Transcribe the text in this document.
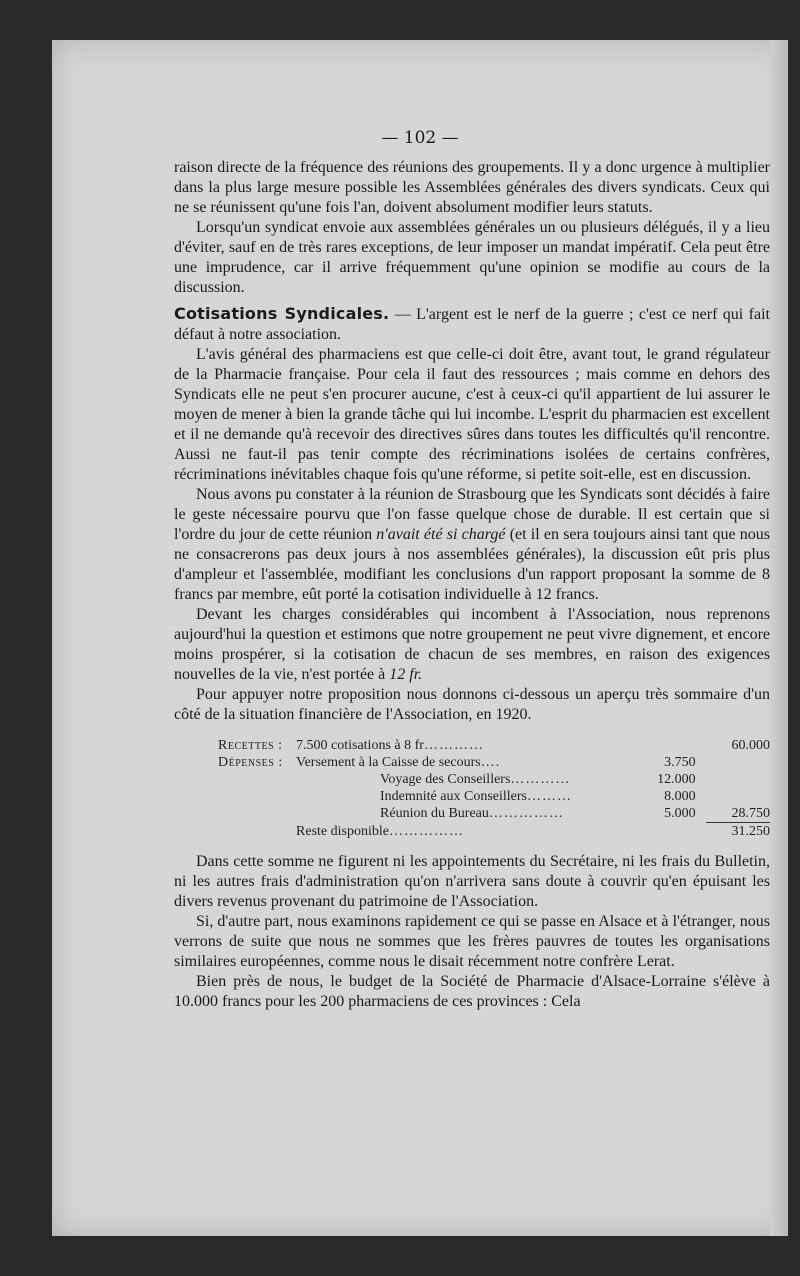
— 102 —

raison directe de la fréquence des réunions des groupements. Il y a donc urgence à multiplier dans la plus large mesure possible les Assemblées générales des divers syndicats. Ceux qui ne se réunissent qu'une fois l'an, doivent absolument modifier leurs statuts.

Lorsqu'un syndicat envoie aux assemblées générales un ou plusieurs délégués, il y a lieu d'éviter, sauf en de très rares exceptions, de leur imposer un mandat impératif. Cela peut être une imprudence, car il arrive fréquemment qu'une opinion se modifie au cours de la discussion.

Cotisations Syndicales. — L'argent est le nerf de la guerre ; c'est ce nerf qui fait défaut à notre association.

L'avis général des pharmaciens est que celle-ci doit être, avant tout, le grand régulateur de la Pharmacie française. Pour cela il faut des ressources ; mais comme en dehors des Syndicats elle ne peut s'en procurer aucune, c'est à ceux-ci qu'il appartient de lui assurer le moyen de mener à bien la grande tâche qui lui incombe. L'esprit du pharmacien est excellent et il ne demande qu'à recevoir des directives sûres dans toutes les difficultés qu'il rencontre. Aussi ne faut-il pas tenir compte des récriminations isolées de certains confrères, récriminations inévitables chaque fois qu'une réforme, si petite soit-elle, est en discussion.

Nous avons pu constater à la réunion de Strasbourg que les Syndicats sont décidés à faire le geste nécessaire pourvu que l'on fasse quelque chose de durable. Il est certain que si l'ordre du jour de cette réunion n'avait été si chargé (et il en sera toujours ainsi tant que nous ne consacrerons pas deux jours à nos assemblées générales), la discussion eût pris plus d'ampleur et l'assemblée, modifiant les conclusions d'un rapport proposant la somme de 8 francs par membre, eût porté la cotisation individuelle à 12 francs.

Devant les charges considérables qui incombent à l'Association, nous reprenons aujourd'hui la question et estimons que notre groupement ne peut vivre dignement, et encore moins prospérer, si la cotisation de chacun de ses membres, en raison des exigences nouvelles de la vie, n'est portée à 12 fr.

Pour appuyer notre proposition nous donnons ci-dessous un aperçu très sommaire d'un côté de la situation financière de l'Association, en 1920.

Recettes :	7.500 cotisations à 8 fr…………		60.000
Dépenses :	Versement à la Caisse de secours….	3.750	
	Voyage des Conseillers…………	12.000	
	Indemnité aux Conseillers………	8.000	
	Réunion du Bureau……………	5.000	28.750
	Reste disponible……………		31.250

Dans cette somme ne figurent ni les appointements du Secrétaire, ni les frais du Bulletin, ni les autres frais d'administration qu'on n'arrivera sans doute à couvrir qu'en épuisant les divers revenus provenant du patrimoine de l'Association.

Si, d'autre part, nous examinons rapidement ce qui se passe en Alsace et à l'étranger, nous verrons de suite que nous ne sommes que les frères pauvres de toutes les organisations similaires européennes, comme nous le disait récemment notre confrère Lerat.

Bien près de nous, le budget de la Société de Pharmacie d'Alsace-Lorraine s'élève à 10.000 francs pour les 200 pharmaciens de ces provinces : Cela
